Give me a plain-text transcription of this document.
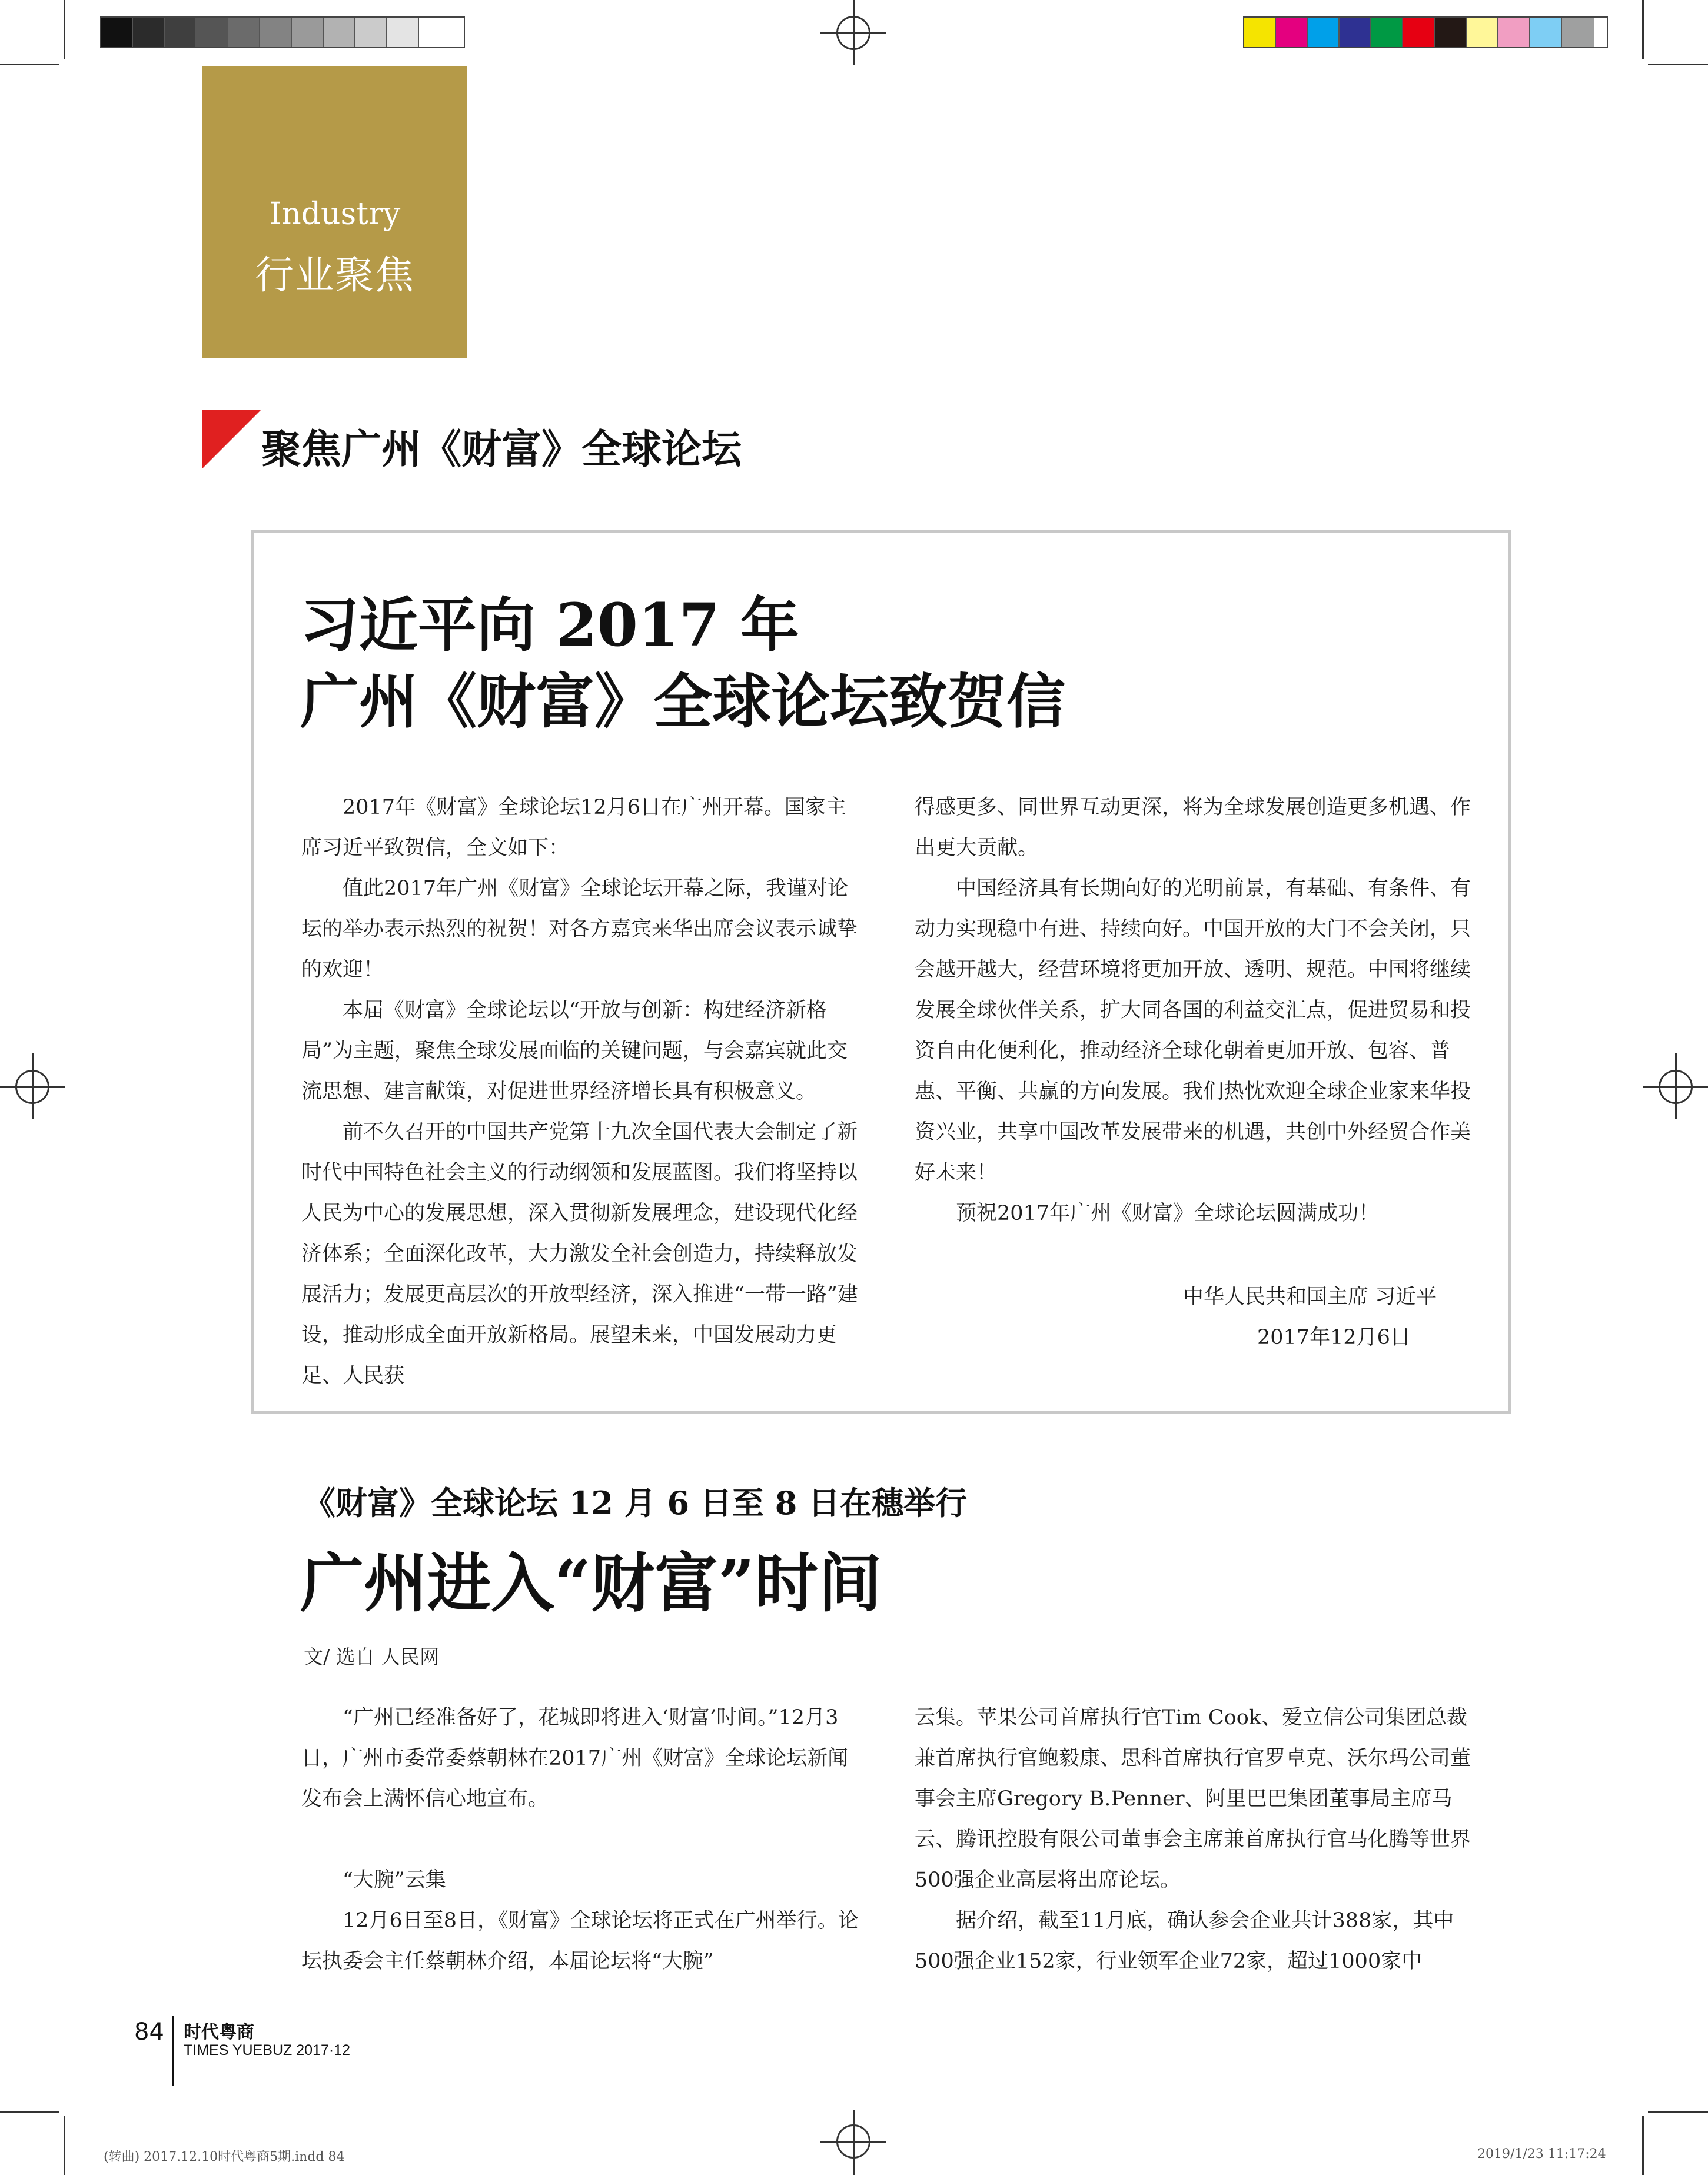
Industry
行业聚焦
聚焦广州《财富》全球论坛
习近平向 2017 年
广州《财富》全球论坛致贺信

2017年《财富》全球论坛12月6日在广州开幕。国家主席习近平致贺信，全文如下：

值此2017年广州《财富》全球论坛开幕之际，我谨对论坛的举办表示热烈的祝贺！对各方嘉宾来华出席会议表示诚挚的欢迎！

本届《财富》全球论坛以“开放与创新：构建经济新格局”为主题，聚焦全球发展面临的关键问题，与会嘉宾就此交流思想、建言献策，对促进世界经济增长具有积极意义。

前不久召开的中国共产党第十九次全国代表大会制定了新时代中国特色社会主义的行动纲领和发展蓝图。我们将坚持以人民为中心的发展思想，深入贯彻新发展理念，建设现代化经济体系；全面深化改革，大力激发全社会创造力，持续释放发展活力；发展更高层次的开放型经济，深入推进“一带一路”建设，推动形成全面开放新格局。展望未来，中国发展动力更足、人民获

得感更多、同世界互动更深，将为全球发展创造更多机遇、作出更大贡献。

中国经济具有长期向好的光明前景，有基础、有条件、有动力实现稳中有进、持续向好。中国开放的大门不会关闭，只会越开越大，经营环境将更加开放、透明、规范。中国将继续发展全球伙伴关系，扩大同各国的利益交汇点，促进贸易和投资自由化便利化，推动经济全球化朝着更加开放、包容、普惠、平衡、共赢的方向发展。我们热忱欢迎全球企业家来华投资兴业，共享中国改革发展带来的机遇，共创中外经贸合作美好未来！

预祝2017年广州《财富》全球论坛圆满成功！

中华人民共和国主席 习近平
2017年12月6日
《财富》全球论坛 12 月 6 日至 8 日在穗举行
广州进入“财富”时间
文/ 选自 人民网

“广州已经准备好了，花城即将进入‘财富’时间。”12月3日，广州市委常委蔡朝林在2017广州《财富》全球论坛新闻发布会上满怀信心地宣布。

“大腕”云集

12月6日至8日，《财富》全球论坛将正式在广州举行。论坛执委会主任蔡朝林介绍，本届论坛将“大腕”

云集。苹果公司首席执行官Tim Cook、爱立信公司集团总裁兼首席执行官鲍毅康、思科首席执行官罗卓克、沃尔玛公司董事会主席Gregory B.Penner、阿里巴巴集团董事局主席马云、腾讯控股有限公司董事会主席兼首席执行官马化腾等世界500强企业高层将出席论坛。

据介绍，截至11月底，确认参会企业共计388家，其中500强企业152家，行业领军企业72家，超过1000家中

84 时代粤商
TIMES YUEBUZ 2017·12
(转曲) 2017.12.10时代粤商5期.indd 84	2019/1/23 11:17:24
